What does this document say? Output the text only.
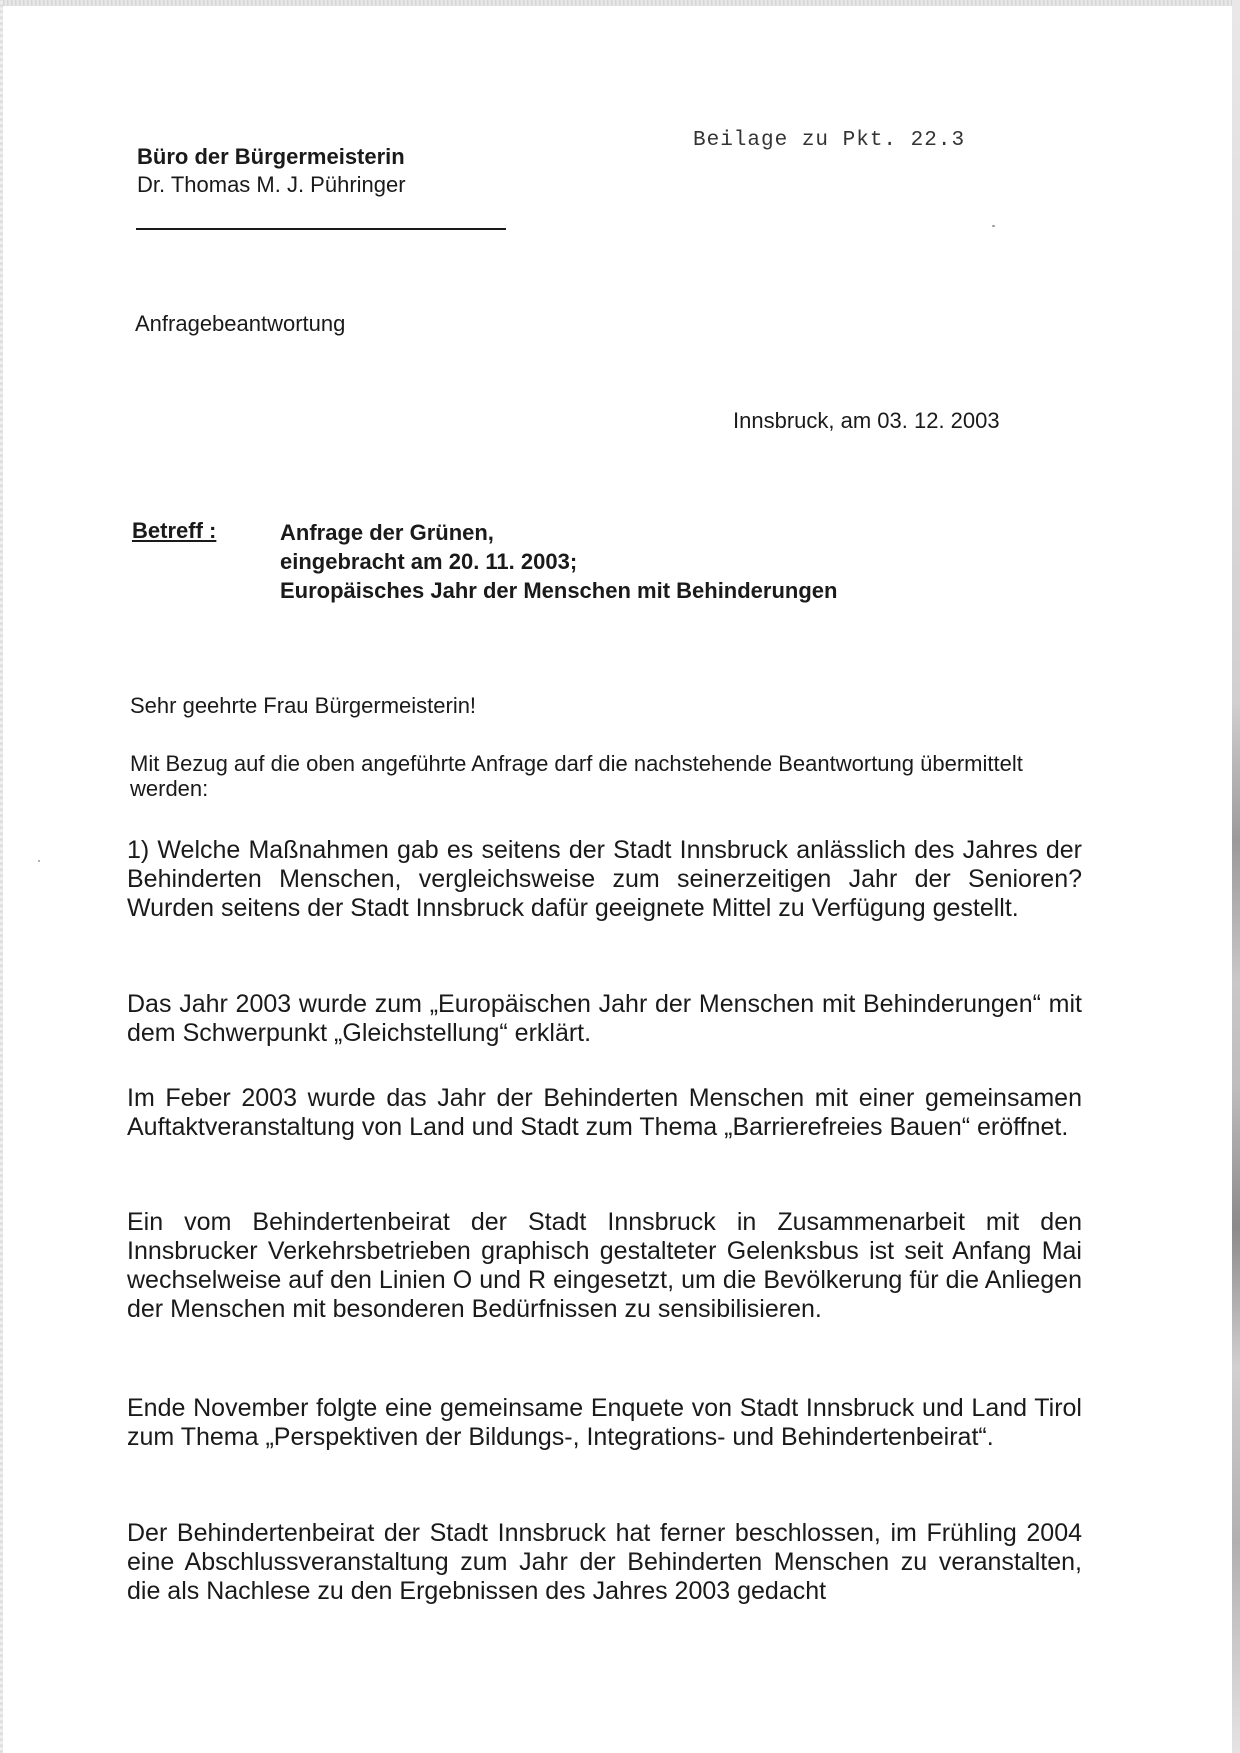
Büro der Bürgermeisterin
Dr. Thomas M. J. Pühringer
Beilage zu Pkt. 22.3
Anfragebeantwortung
Innsbruck, am 03. 12. 2003
Betreff :	Anfrage der Grünen,
eingebracht am 20. 11. 2003;
Europäisches Jahr der Menschen mit Behinderungen
Sehr geehrte Frau Bürgermeisterin!
Mit Bezug auf die oben angeführte Anfrage darf die nachstehende Beantwortung übermittelt werden:
1) Welche Maßnahmen gab es seitens der Stadt Innsbruck anlässlich des Jahres der Behinderten Menschen, vergleichsweise zum seinerzeitigen Jahr der Senioren? Wurden seitens der Stadt Innsbruck dafür geeignete Mittel zu Verfügung gestellt.
Das Jahr 2003 wurde zum „Europäischen Jahr der Menschen mit Behinderungen“ mit dem Schwerpunkt „Gleichstellung“ erklärt.
Im Feber 2003 wurde das Jahr der Behinderten Menschen mit einer gemeinsamen Auftaktveranstaltung von Land und Stadt zum Thema „Barrierefreies Bauen“ eröffnet.
Ein vom Behindertenbeirat der Stadt Innsbruck in Zusammenarbeit mit den Innsbrucker Verkehrsbetrieben graphisch gestalteter Gelenksbus ist seit Anfang Mai wechselweise auf den Linien O und R eingesetzt, um die Bevölkerung für die Anliegen der Menschen mit besonderen Bedürfnissen zu sensibilisieren.
Ende November folgte eine gemeinsame Enquete von Stadt Innsbruck und Land Tirol zum Thema „Perspektiven der Bildungs-, Integrations- und Behindertenbeirat“.
Der Behindertenbeirat der Stadt Innsbruck hat ferner beschlossen, im Frühling 2004 eine Abschlussveranstaltung zum Jahr der Behinderten Menschen zu veranstalten, die als Nachlese zu den Ergebnissen des Jahres 2003 gedacht
